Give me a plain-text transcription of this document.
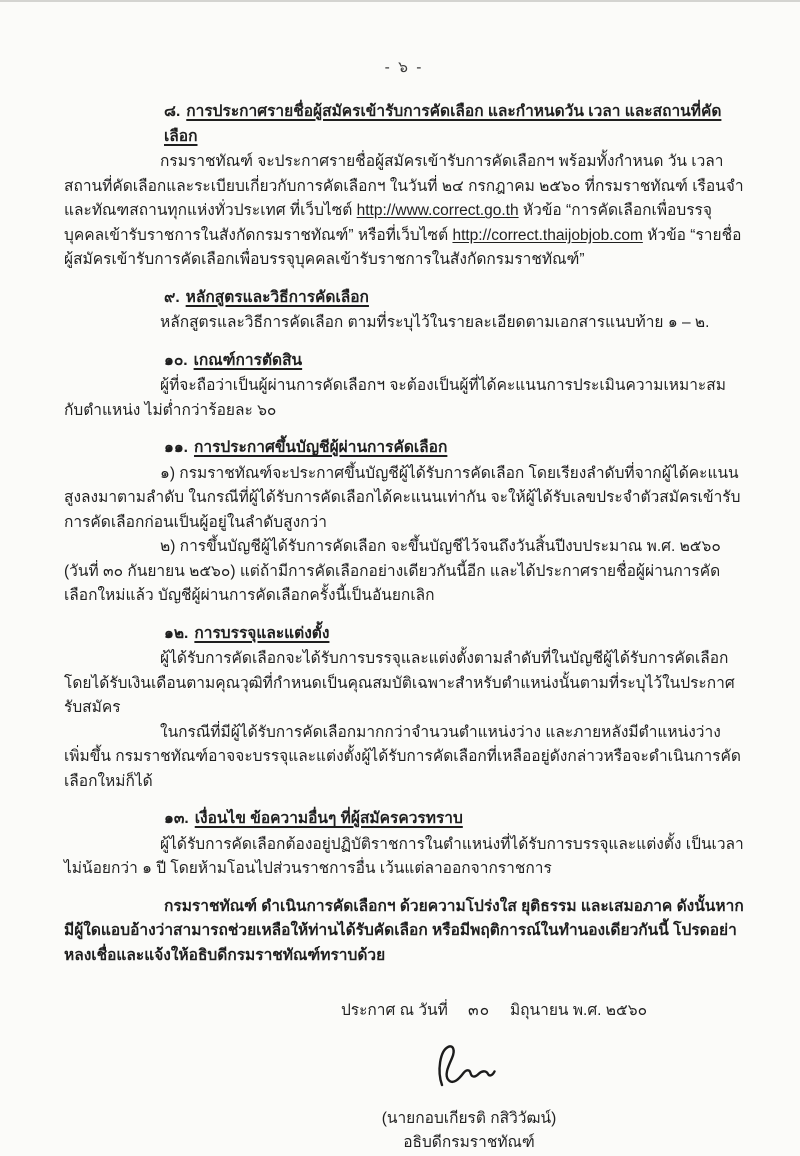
- ๖ -
๘. การประกาศรายชื่อผู้สมัครเข้ารับการคัดเลือก และกำหนดวัน เวลา และสถานที่คัดเลือก

กรมราชทัณฑ์ จะประกาศรายชื่อผู้สมัครเข้ารับการคัดเลือกฯ พร้อมทั้งกำหนด วัน เวลา สถานที่คัดเลือกและระเบียบเกี่ยวกับการคัดเลือกฯ ในวันที่ ๒๔ กรกฎาคม ๒๕๖๐ ที่กรมราชทัณฑ์ เรือนจำและทัณฑสถานทุกแห่งทั่วประเทศ ที่เว็บไซต์ http://www.correct.go.th หัวข้อ “การคัดเลือกเพื่อบรรจุบุคคลเข้ารับราชการในสังกัดกรมราชทัณฑ์” หรือที่เว็บไซต์ http://correct.thaijobjob.com หัวข้อ “รายชื่อผู้สมัครเข้ารับการคัดเลือกเพื่อบรรจุบุคคลเข้ารับราชการในสังกัดกรมราชทัณฑ์”

๙. หลักสูตรและวิธีการคัดเลือก

หลักสูตรและวิธีการคัดเลือก ตามที่ระบุไว้ในรายละเอียดตามเอกสารแนบท้าย ๑ – ๒.

๑๐. เกณฑ์การตัดสิน

ผู้ที่จะถือว่าเป็นผู้ผ่านการคัดเลือกฯ จะต้องเป็นผู้ที่ได้คะแนนการประเมินความเหมาะสมกับตำแหน่ง ไม่ต่ำกว่าร้อยละ ๖๐

๑๑. การประกาศขึ้นบัญชีผู้ผ่านการคัดเลือก

๑) กรมราชทัณฑ์จะประกาศขึ้นบัญชีผู้ได้รับการคัดเลือก โดยเรียงลำดับที่จากผู้ได้คะแนนสูงลงมาตามลำดับ ในกรณีที่ผู้ได้รับการคัดเลือกได้คะแนนเท่ากัน จะให้ผู้ได้รับเลขประจำตัวสมัครเข้ารับการคัดเลือกก่อนเป็นผู้อยู่ในลำดับสูงกว่า

๒) การขึ้นบัญชีผู้ได้รับการคัดเลือก จะขึ้นบัญชีไว้จนถึงวันสิ้นปีงบประมาณ พ.ศ. ๒๕๖๐ (วันที่ ๓๐ กันยายน ๒๕๖๐) แต่ถ้ามีการคัดเลือกอย่างเดียวกันนี้อีก และได้ประกาศรายชื่อผู้ผ่านการคัดเลือกใหม่แล้ว บัญชีผู้ผ่านการคัดเลือกครั้งนี้เป็นอันยกเลิก

๑๒. การบรรจุและแต่งตั้ง

ผู้ได้รับการคัดเลือกจะได้รับการบรรจุและแต่งตั้งตามลำดับที่ในบัญชีผู้ได้รับการคัดเลือก โดยได้รับเงินเดือนตามคุณวุฒิที่กำหนดเป็นคุณสมบัติเฉพาะสำหรับตำแหน่งนั้นตามที่ระบุไว้ในประกาศรับสมัคร

ในกรณีที่มีผู้ได้รับการคัดเลือกมากกว่าจำนวนตำแหน่งว่าง และภายหลังมีตำแหน่งว่างเพิ่มขึ้น กรมราชทัณฑ์อาจจะบรรจุและแต่งตั้งผู้ได้รับการคัดเลือกที่เหลืออยู่ดังกล่าวหรือจะดำเนินการคัดเลือกใหม่ก็ได้

๑๓. เงื่อนไข ข้อความอื่นๆ ที่ผู้สมัครควรทราบ

ผู้ได้รับการคัดเลือกต้องอยู่ปฏิบัติราชการในตำแหน่งที่ได้รับการบรรจุและแต่งตั้ง เป็นเวลาไม่น้อยกว่า ๑ ปี โดยห้ามโอนไปส่วนราชการอื่น เว้นแต่ลาออกจากราชการ

กรมราชทัณฑ์ ดำเนินการคัดเลือกฯ ด้วยความโปร่งใส ยุติธรรม และเสมอภาค ดังนั้นหากมีผู้ใดแอบอ้างว่าสามารถช่วยเหลือให้ท่านได้รับคัดเลือก หรือมีพฤติการณ์ในทำนองเดียวกันนี้ โปรดอย่าหลงเชื่อและแจ้งให้อธิบดีกรมราชทัณฑ์ทราบด้วย

ประกาศ ณ วันที่ ๓๐ มิถุนายน พ.ศ. ๒๕๖๐
(นายกอบเกียรติ กสิวิวัฒน์)
อธิบดีกรมราชทัณฑ์
